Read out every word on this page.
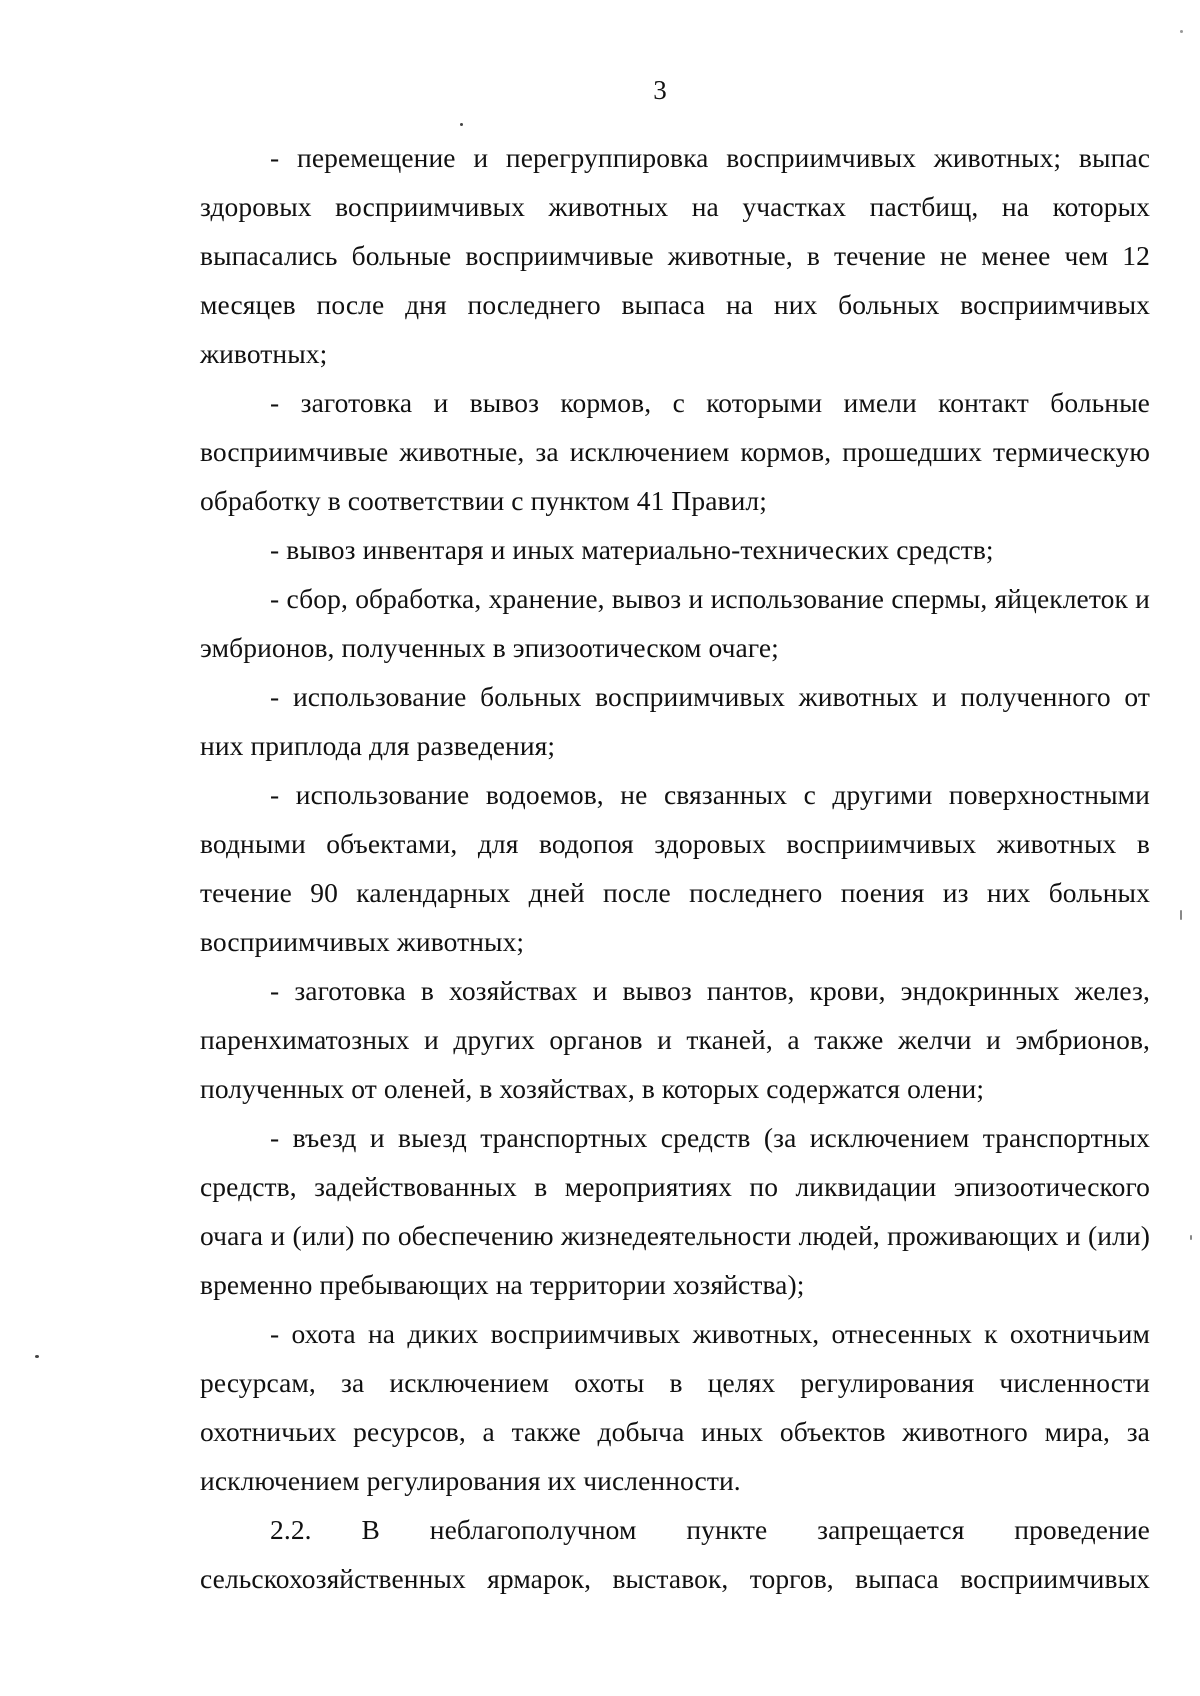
3

- перемещение и перегруппировка восприимчивых животных; выпас здоровых восприимчивых животных на участках пастбищ, на которых выпасались больные восприимчивые животные, в течение не менее чем 12 месяцев после дня последнего выпаса на них больных восприимчивых животных;

- заготовка и вывоз кормов, с которыми имели контакт больные восприимчивые животные, за исключением кормов, прошедших термическую обработку в соответствии с пунктом 41 Правил;

- вывоз инвентаря и иных материально-технических средств;

- сбор, обработка, хранение, вывоз и использование спермы, яйцеклеток и эмбрионов, полученных в эпизоотическом очаге;

- использование больных восприимчивых животных и полученного от них приплода для разведения;

- использование водоемов, не связанных с другими поверхностными водными объектами, для водопоя здоровых восприимчивых животных в течение 90 календарных дней после последнего поения из них больных восприимчивых животных;

- заготовка в хозяйствах и вывоз пантов, крови, эндокринных желез, паренхиматозных и других органов и тканей, а также желчи и эмбрионов, полученных от оленей, в хозяйствах, в которых содержатся олени;

- въезд и выезд транспортных средств (за исключением транспортных средств, задействованных в мероприятиях по ликвидации эпизоотического очага и (или) по обеспечению жизнедеятельности людей, проживающих и (или) временно пребывающих на территории хозяйства);

- охота на диких восприимчивых животных, отнесенных к охотничьим ресурсам, за исключением охоты в целях регулирования численности охотничьих ресурсов, а также добыча иных объектов животного мира, за исключением регулирования их численности.

2.2. В неблагополучном пункте запрещается проведение сельскохозяйственных ярмарок, выставок, торгов, выпаса восприимчивых
